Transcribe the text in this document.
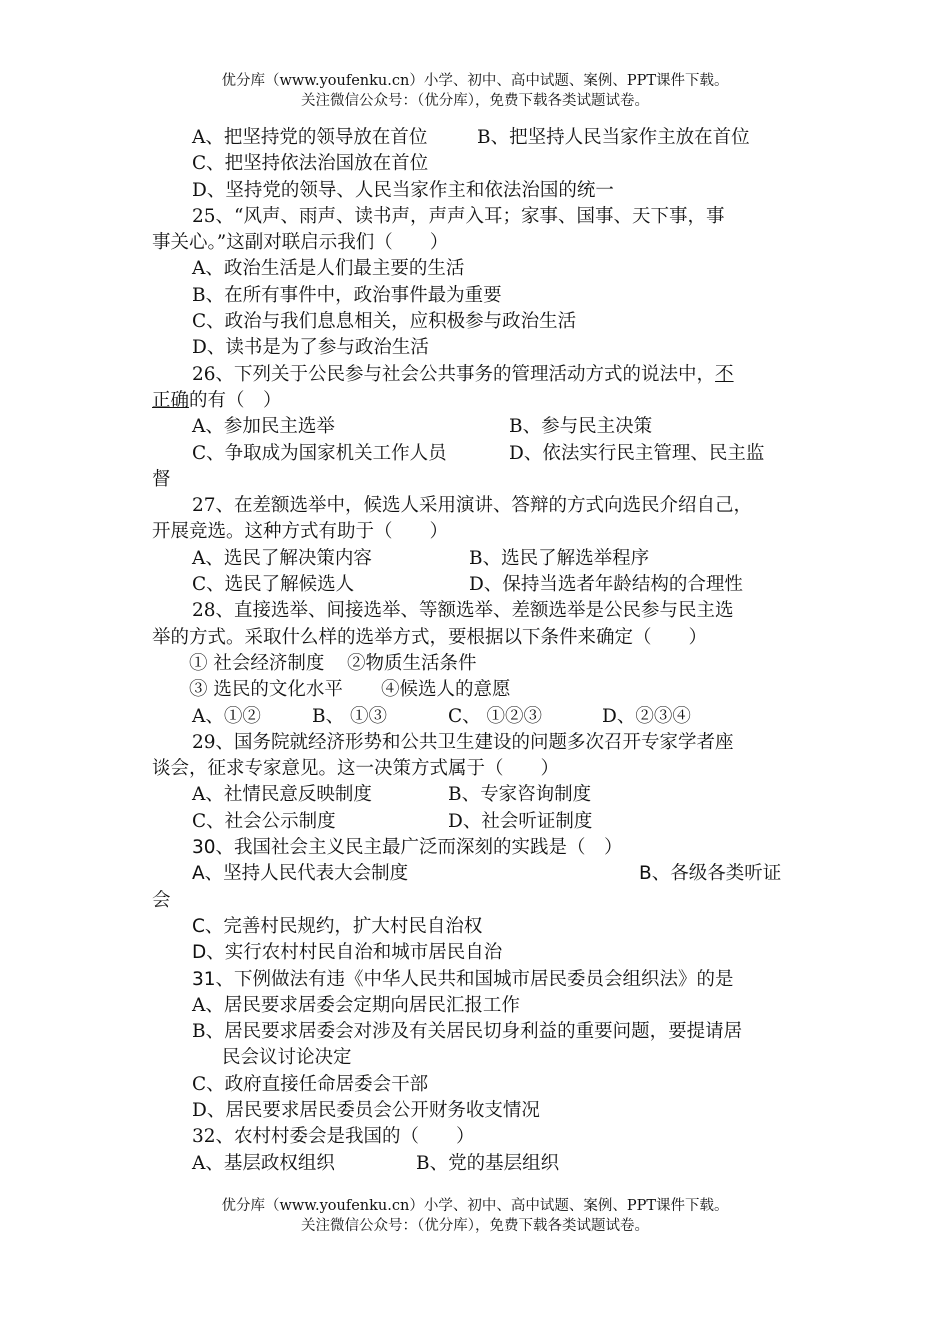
优分库（www.youfenku.cn）小学、初中、高中试题、案例、PPT课件下载。
关注微信公众号：（优分库），免费下载各类试题试卷。
A、把坚持党的领导放在首位	B、把坚持人民当家作主放在首位
C、把坚持依法治国放在首位
D、坚持党的领导、人民当家作主和依法治国的统一
25、“风声、雨声、读书声，声声入耳；家事、国事、天下事，事
事关心。”这副对联启示我们（　　）
A、政治生活是人们最主要的生活
B、在所有事件中，政治事件最为重要
C、政治与我们息息相关，应积极参与政治生活
D、读书是为了参与政治生活
26、下列关于公民参与社会公共事务的管理活动方式的说法中，不
正确的有（　）
A、参加民主选举	B、参与民主决策
C、争取成为国家机关工作人员	D、依法实行民主管理、民主监
督
27、在差额选举中，候选人采用演讲、答辩的方式向选民介绍自己，
开展竞选。这种方式有助于（　　）
A、选民了解决策内容	B、选民了解选举程序
C、选民了解候选人	D、保持当选者年龄结构的合理性
28、直接选举、间接选举、等额选举、差额选举是公民参与民主选
举的方式。采取什么样的选举方式，要根据以下条件来确定（　　）
① 社会经济制度	②物质生活条件
③ 选民的文化水平	④候选人的意愿
A、①②	B、 ①③	C、 ①②③	D、②③④
29、国务院就经济形势和公共卫生建设的问题多次召开专家学者座
谈会，征求专家意见。这一决策方式属于（　　）
A、社情民意反映制度	B、专家咨询制度
C、社会公示制度	D、社会听证制度
30、我国社会主义民主最广泛而深刻的实践是（　）
A、坚持人民代表大会制度	B、各级各类听证
会
C、完善村民规约，扩大村民自治权
D、实行农村村民自治和城市居民自治
31、下例做法有违《中华人民共和国城市居民委员会组织法》的是
A、居民要求居委会定期向居民汇报工作
B、居民要求居委会对涉及有关居民切身利益的重要问题，要提请居
民会议讨论决定
C、政府直接任命居委会干部
D、居民要求居民委员会公开财务收支情况
32、农村村委会是我国的（　　）
A、基层政权组织	B、党的基层组织
优分库（www.youfenku.cn）小学、初中、高中试题、案例、PPT课件下载。
关注微信公众号：（优分库），免费下载各类试题试卷。
